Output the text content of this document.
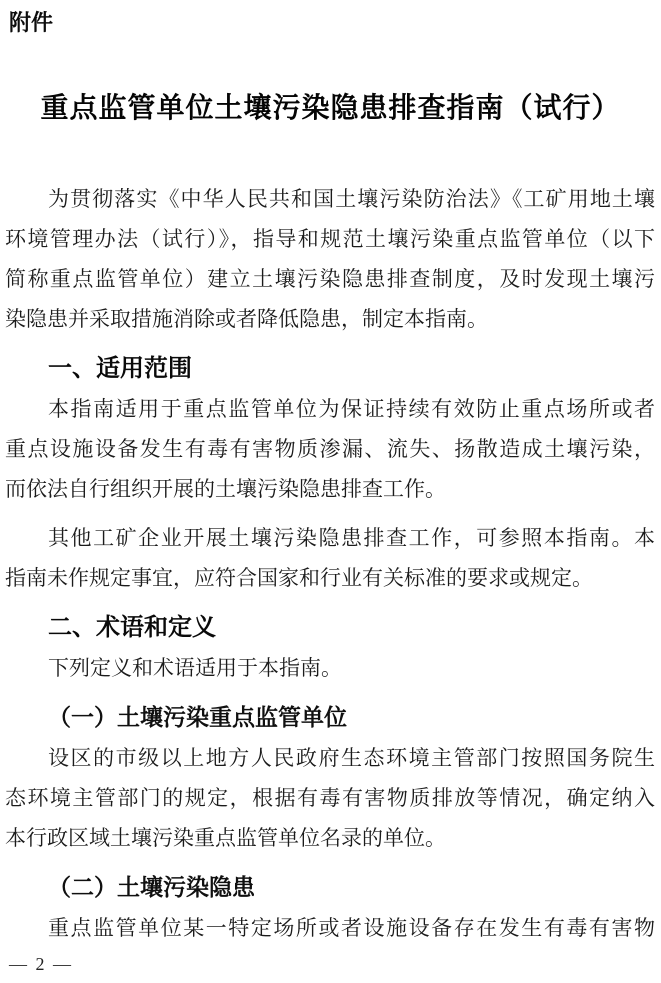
附件
重点监管单位土壤污染隐患排查指南（试行）
为贯彻落实《中华人民共和国土壤污染防治法》《工矿用地土壤
环境管理办法（试行）》，指导和规范土壤污染重点监管单位（以下
简称重点监管单位）建立土壤污染隐患排查制度，及时发现土壤污
染隐患并采取措施消除或者降低隐患，制定本指南。
一、适用范围
本指南适用于重点监管单位为保证持续有效防止重点场所或者
重点设施设备发生有毒有害物质渗漏、流失、扬散造成土壤污染，
而依法自行组织开展的土壤污染隐患排查工作。
其他工矿企业开展土壤污染隐患排查工作，可参照本指南。本
指南未作规定事宜，应符合国家和行业有关标准的要求或规定。
二、术语和定义
下列定义和术语适用于本指南。
（一）土壤污染重点监管单位
设区的市级以上地方人民政府生态环境主管部门按照国务院生
态环境主管部门的规定，根据有毒有害物质排放等情况，确定纳入
本行政区域土壤污染重点监管单位名录的单位。
（二）土壤污染隐患
重点监管单位某一特定场所或者设施设备存在发生有毒有害物
— 2 —
